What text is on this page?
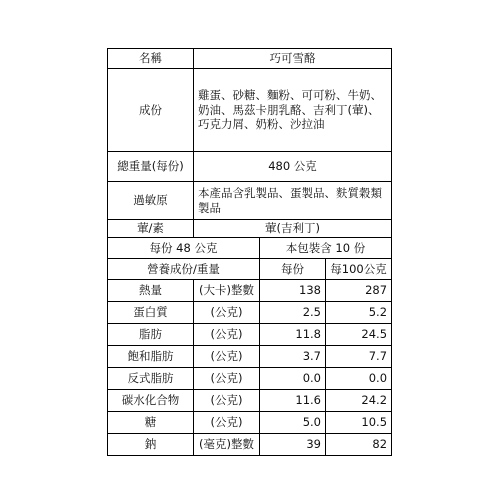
名稱	巧可雪酪		
成份	雞蛋、砂糖、麵粉、可可粉、牛奶、奶油、馬茲卡朋乳酪、吉利丁(葷)、巧克力屑、奶粉、沙拉油		
總重量(每份)	480 公克		
過敏原	本產品含乳製品、蛋製品、麩質穀類製品		
葷/素	葷(吉利丁)		
每份 48 公克		本包裝含 10 份	
營養成份/重量		每份	每100公克
熱量	(大卡)整數	138	287
蛋白質	(公克)	2.5	5.2
脂肪	(公克)	11.8	24.5
飽和脂肪	(公克)	3.7	7.7
反式脂肪	(公克)	0.0	0.0
碳水化合物	(公克)	11.6	24.2
糖	(公克)	5.0	10.5
鈉	(毫克)整數	39	82
